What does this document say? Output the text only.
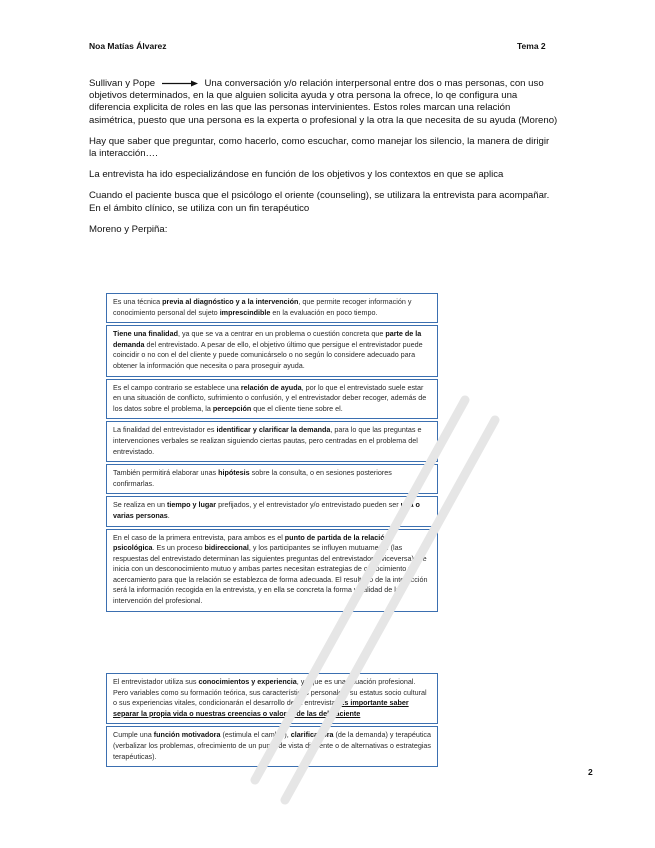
Noa Matías Álvarez	Tema 2

Sullivan y Pope	Una conversación y/o relación interpersonal entre dos o mas personas, con uso objetivos determinados, en la que alguien solicita ayuda y otra persona la ofrece, lo qe configura una diferencia explicita de roles en las que las personas intervinientes. Estos roles marcan una relación asimétrica, puesto que una persona es la experta o profesional y la otra la que necesita de su ayuda (Moreno)

Hay que saber que preguntar, como hacerlo, como escuchar, como manejar los silencio, la manera de dirigir la interacción….

La entrevista ha ido especializándose en función de los objetivos y los contextos en que se aplica

Cuando el paciente busca que el psicólogo el oriente (counseling), se utilizara la entrevista para acompañar. En el ámbito clínico, se utiliza con un fin terapéutico

Moreno y Perpiña:

Es una técnica previa al diagnóstico y a la intervención, que permite recoger información y conocimiento personal del sujeto imprescindible en la evaluación en poco tiempo.
Tiene una finalidad, ya que se va a centrar en un problema o cuestión concreta que parte de la demanda del entrevistado. A pesar de ello, el objetivo último que persigue el entrevistador puede coincidir o no con el del cliente y puede comunicárselo o no según lo considere adecuado para obtener la información que necesita o para proseguir ayuda.
Es el campo contrario se establece una relación de ayuda, por lo que el entrevistado suele estar en una situación de conflicto, sufrimiento o confusión, y el entrevistador deber recoger, además de los datos sobre el problema, la percepción que el cliente tiene sobre el.
La finalidad del entrevistador es identificar y clarificar la demanda, para lo que las preguntas e intervenciones verbales se realizan siguiendo ciertas pautas, pero centradas en el problema del entrevistado.
También permitirá elaborar unas hipótesis sobre la consulta, o en sesiones posteriores confirmarlas.
Se realiza en un tiempo y lugar prefijados, y el entrevistador y/o entrevistado pueden ser una o varias personas.
En el caso de la primera entrevista, para ambos es el punto de partida de la relación psicológica. Es un proceso bidireccional, y los participantes se influyen mutuamente (las respuestas del entrevistado determinan las siguientes preguntas del entrevistador y viceversa). Se inicia con un desconocimiento mutuo y ambas partes necesitan estrategias de conocimiento y acercamiento para que la relación se establezca de forma adecuada. El resultado de la interacción será la información recogida en la entrevista, y en ella se concreta la forma y calidad de la intervención del profesional.
El entrevistador utiliza sus conocimientos y experiencia, ya que es una situación profesional. Pero variables como su formación teórica, sus características personales, su estatus socio cultural o sus experiencias vitales, condicionarán el desarrollo de la entrevista. Es importante saber separar la propia vida o nuestras creencias o valores de las del paciente
Cumple una función motivadora (estimula el cambio), clarificadora (de la demanda) y terapéutica (verbalizar los problemas, ofrecimiento de un punto de vista diferente o de alternativas o estrategias terapéuticas).
2
